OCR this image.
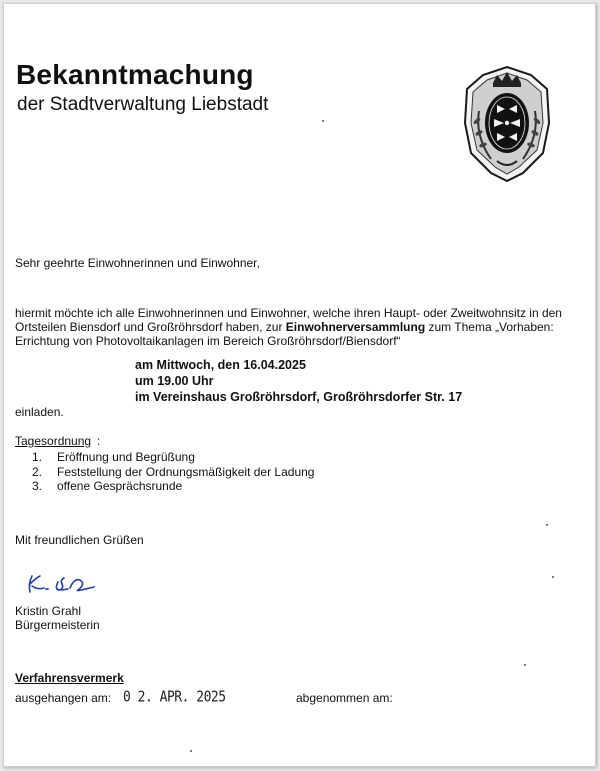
Bekanntmachung
der Stadtverwaltung Liebstadt
Sehr geehrte Einwohnerinnen und Einwohner,
hiermit möchte ich alle Einwohnerinnen und Einwohner, welche ihren Haupt- oder Zweitwohnsitz in den Ortsteilen Biensdorf und Großröhrsdorf haben, zur Einwohnerversammlung zum Thema „Vorhaben: Errichtung von Photovoltaikanlagen im Bereich Großröhrsdorf/Biensdorf“
am Mittwoch, den 16.04.2025
um 19.00 Uhr
im Vereinshaus Großröhrsdorf, Großröhrsdorfer Str. 17
einladen.
Tagesordnung :
1.	Eröffnung und Begrüßung
2.	Feststellung der Ordnungsmäßigkeit der Ladung
3.	offene Gesprächsrunde
Mit freundlichen Grüßen
Kristin Grahl
Bürgermeisterin
Verfahrensvermerk
ausgehangen am: 0 2. APR. 2025	abgenommen am:
